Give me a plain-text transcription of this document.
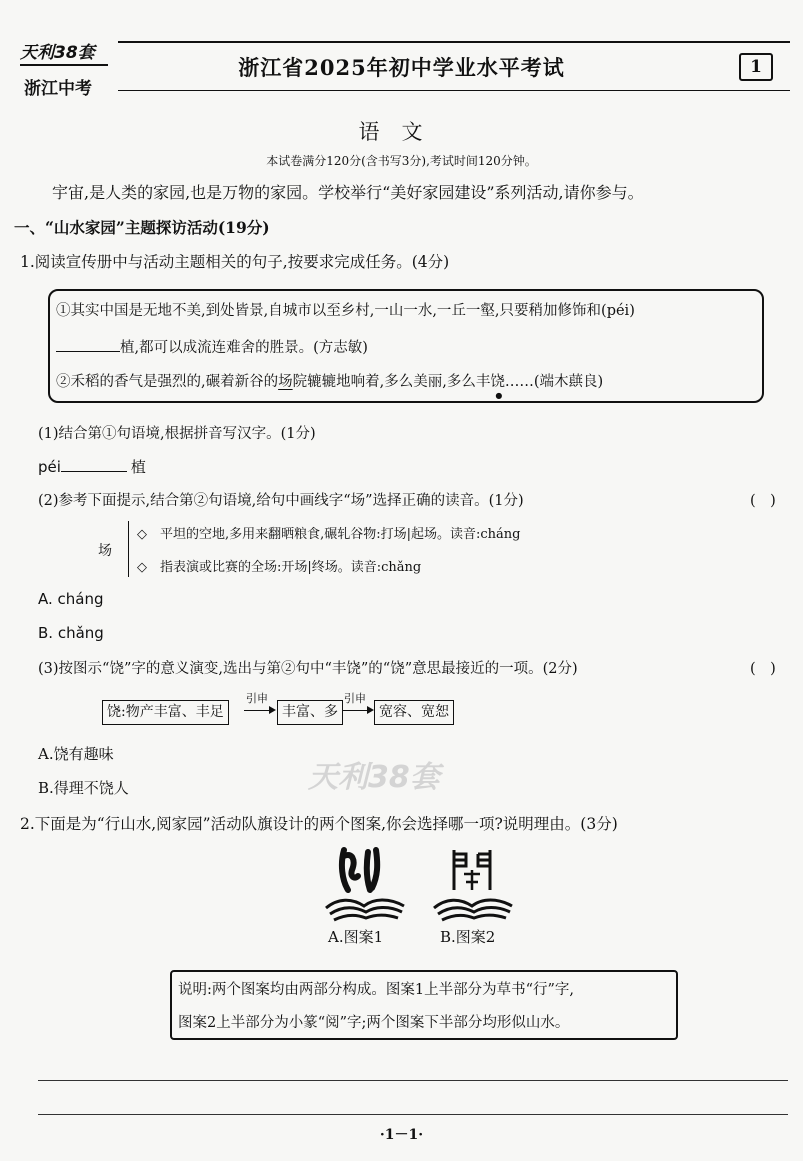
天利38套
浙江中考
浙江省2025年初中学业水平考试	1
语文
本试卷满分120分(含书写3分),考试时间120分钟。
宇宙,是人类的家园,也是万物的家园。学校举行“美好家园建设”系列活动,请你参与。
一、“山水家园”主题探访活动(19分)
1.阅读宣传册中与活动主题相关的句子,按要求完成任务。(4分)
①其实中国是无地不美,到处皆景,自城市以至乡村,一山一水,一丘一壑,只要稍加修饰和(péi)
植,都可以成流连难舍的胜景。(方志敏)
②禾稻的香气是强烈的,碾着新谷的场院辘辘地响着,多么美丽,多么丰饶
●
……(端木蕻良)
(1)结合第①句语境,根据拼音写汉字。(1分)
péi	植
(2)参考下面提示,结合第②句语境,给句中画线字“场”选择正确的读音。(1分)	(　)
场
◇　平坦的空地,多用来翻晒粮食,碾轧谷物:打场|起场。读音:cháng
◇　指表演或比赛的全场:开场|终场。读音:chǎng
A. cháng
B. chǎng
(3)按图示“饶”字的意义演变,选出与第②句中“丰饶”的“饶”意思最接近的一项。(2分)	(　)
饶:物产丰富、丰足
引申
丰富、多
引申
宽容、宽恕
A.饶有趣味
B.得理不饶人	天利38套
2.下面是为“行山水,阅家园”活动队旗设计的两个图案,你会选择哪一项?说明理由。(3分)
A.图案1	B.图案2
说明:两个图案均由两部分构成。图案1上半部分为草书“行”字,
图案2上半部分为小篆“阅”字;两个图案下半部分均形似山水。
·1－1·
